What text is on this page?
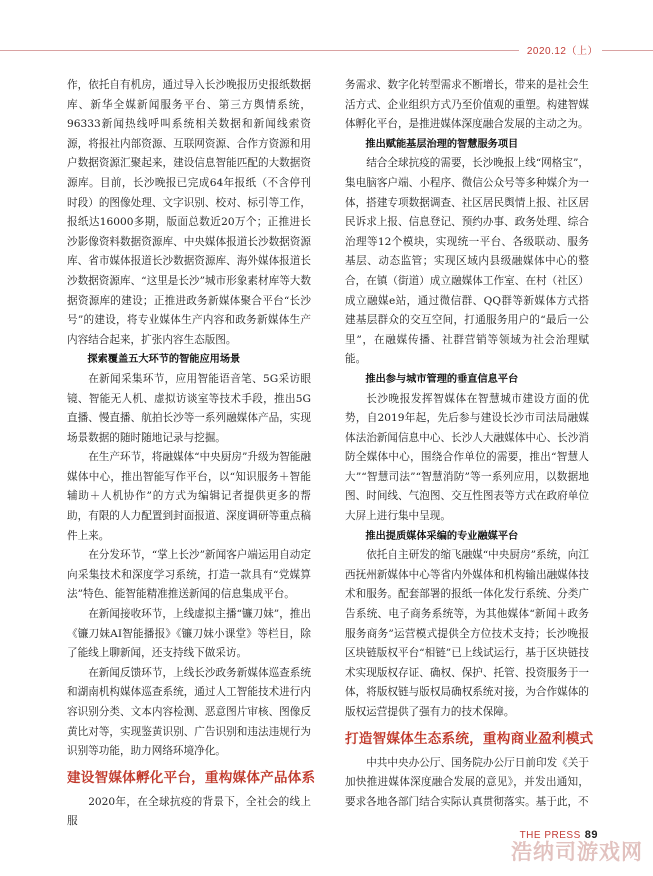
2020.12（上）
作，依托自有机房，通过导入长沙晚报历史报纸数据库、新华全媒新闻服务平台、第三方舆情系统，96333新闻热线呼叫系统相关数据和新闻线索资源，将报社内部资源、互联网资源、合作方资源和用户数据资源汇聚起来，建设信息智能匹配的大数据资源库。目前，长沙晚报已完成64年报纸（不含停刊时段）的图像处理、文字识别、校对、标引等工作，报纸达16000多期，版面总数近20万个；正推进长沙影像资料数据资源库、中央媒体报道长沙数据资源库、省市媒体报道长沙数据资源库、海外媒体报道长沙数据资源库、“这里是长沙”城市形象素材库等大数据资源库的建设；正推进政务新媒体聚合平台“长沙号”的建设，将专业媒体生产内容和政务新媒体生产内容结合起来，扩张内容生态版图。
探索覆盖五大环节的智能应用场景
在新闻采集环节，应用智能语音笔、5G采访眼镜、智能无人机、虚拟访谈室等技术手段，推出5G直播、慢直播、航拍长沙等一系列融媒体产品，实现场景数据的随时随地记录与挖掘。
在生产环节，将融媒体“中央厨房”升级为智能融媒体中心，推出智能写作平台，以“知识服务＋智能辅助＋人机协作”的方式为编辑记者提供更多的帮助，有限的人力配置到封面报道、深度调研等重点稿件上来。
在分发环节，“掌上长沙”新闻客户端运用自动定向采集技术和深度学习系统，打造一款具有“党媒算法”特色、能智能精准推送新闻的信息集成平台。
在新闻接收环节，上线虚拟主播“镰刀妹”，推出《镰刀妹AI智能播报》《镰刀妹小课堂》等栏目，除了能线上聊新闻，还支持线下做采访。
在新闻反馈环节，上线长沙政务新媒体巡查系统和湖南机构媒体巡查系统，通过人工智能技术进行内容识别分类、文本内容检测、恶意图片审核、图像反黄比对等，实现鉴黄识别、广告识别和违法违规行为识别等功能，助力网络环境净化。
建设智媒体孵化平台，重构媒体产品体系
2020年，在全球抗疫的背景下，全社会的线上服
务需求、数字化转型需求不断增长，带来的是社会生活方式、企业组织方式乃至价值观的重塑。构建智媒体孵化平台，是推进媒体深度融合发展的主动之为。
推出赋能基层治理的智慧服务项目
结合全球抗疫的需要，长沙晚报上线“网格宝”，集电脑客户端、小程序、微信公众号等多种媒介为一体，搭建专项数据调查、社区居民舆情上报、社区居民诉求上报、信息登记、预约办事、政务处理、综合治理等12个模块，实现统一平台、各级联动、服务基层、动态监管；实现区域内县级融媒体中心的整合，在镇（街道）成立融媒体工作室、在村（社区）成立融媒e站，通过微信群、QQ群等新媒体方式搭建基层群众的交互空间，打通服务用户的“最后一公里”，在融媒传播、社群营销等领域为社会治理赋能。
推出参与城市管理的垂直信息平台
长沙晚报发挥智媒体在智慧城市建设方面的优势，自2019年起，先后参与建设长沙市司法局融媒体法治新闻信息中心、长沙人大融媒体中心、长沙消防全媒体中心，围绕合作单位的需要，推出“智慧人大”“智慧司法”“智慧消防”等一系列应用，以数据地图、时间线、气泡图、交互性图表等方式在政府单位大屏上进行集中呈现。
推出提质媒体采编的专业融媒平台
依托自主研发的缩飞融媒“中央厨房”系统，向江西抚州新媒体中心等省内外媒体和机构输出融媒体技术和服务。配套部署的报纸一体化发行系统、分类广告系统、电子商务系统等，为其他媒体“新闻＋政务服务商务”运营模式提供全方位技术支持；长沙晚报区块链版权平台“相链”已上线试运行，基于区块链技术实现版权存证、确权、保护、托管、投资服务于一体，将版权链与版权局确权系统对接，为合作媒体的版权运营提供了强有力的技术保障。
打造智媒体生态系统，重构商业盈利模式
中共中央办公厅、国务院办公厅日前印发《关于加快推进媒体深度融合发展的意见》，并发出通知，要求各地各部门结合实际认真贯彻落实。基于此，不
THE PRESS 89
浩纳司游戏网
